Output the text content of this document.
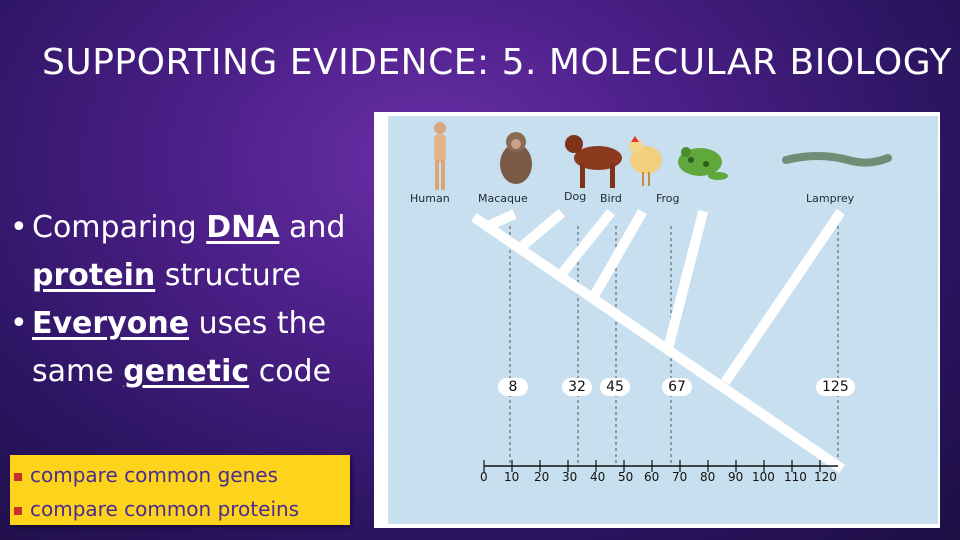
SUPPORTING EVIDENCE: 5. MOLECULAR BIOLOGY
• Comparing DNA and
protein structure
• Everyone uses the
same genetic code
compare common genes
compare common proteins
Human	Macaque	Dog Bird	Frog	Lamprey
8	32	45	67	125
0 10 20 30 40 50 60 70 80 90 100 110 120
